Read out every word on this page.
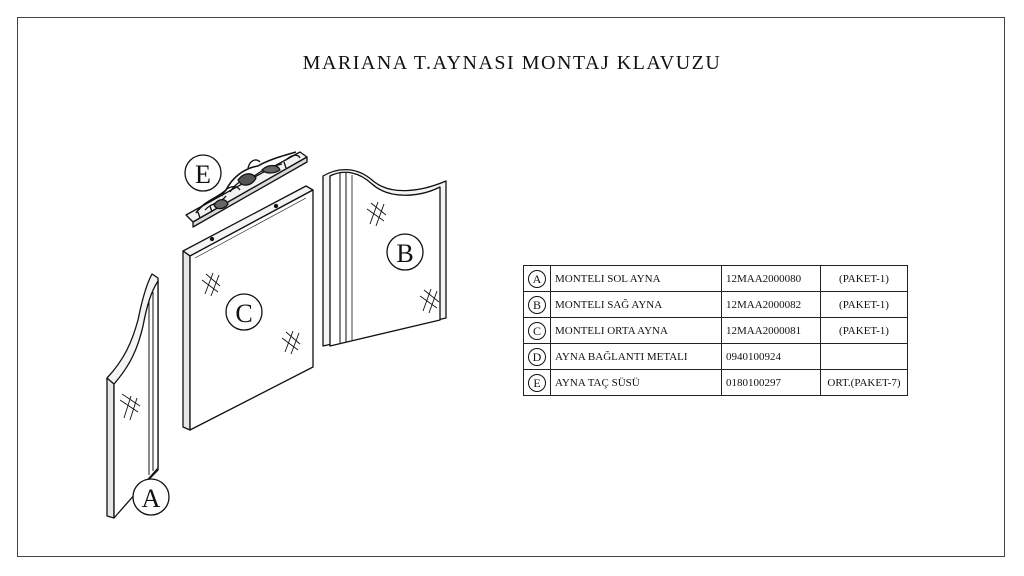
MARIANA T.AYNASI MONTAJ KLAVUZU
E
C
B
A
A	MONTELI SOL AYNA	12MAA2000080	(PAKET-1)
B	MONTELI SAĞ AYNA	12MAA2000082	(PAKET-1)
C	MONTELI ORTA AYNA	12MAA2000081	(PAKET-1)
D	AYNA BAĞLANTI METALI	0940100924	
E	AYNA TAÇ SÜSÜ	0180100297	ORT.(PAKET-7)
